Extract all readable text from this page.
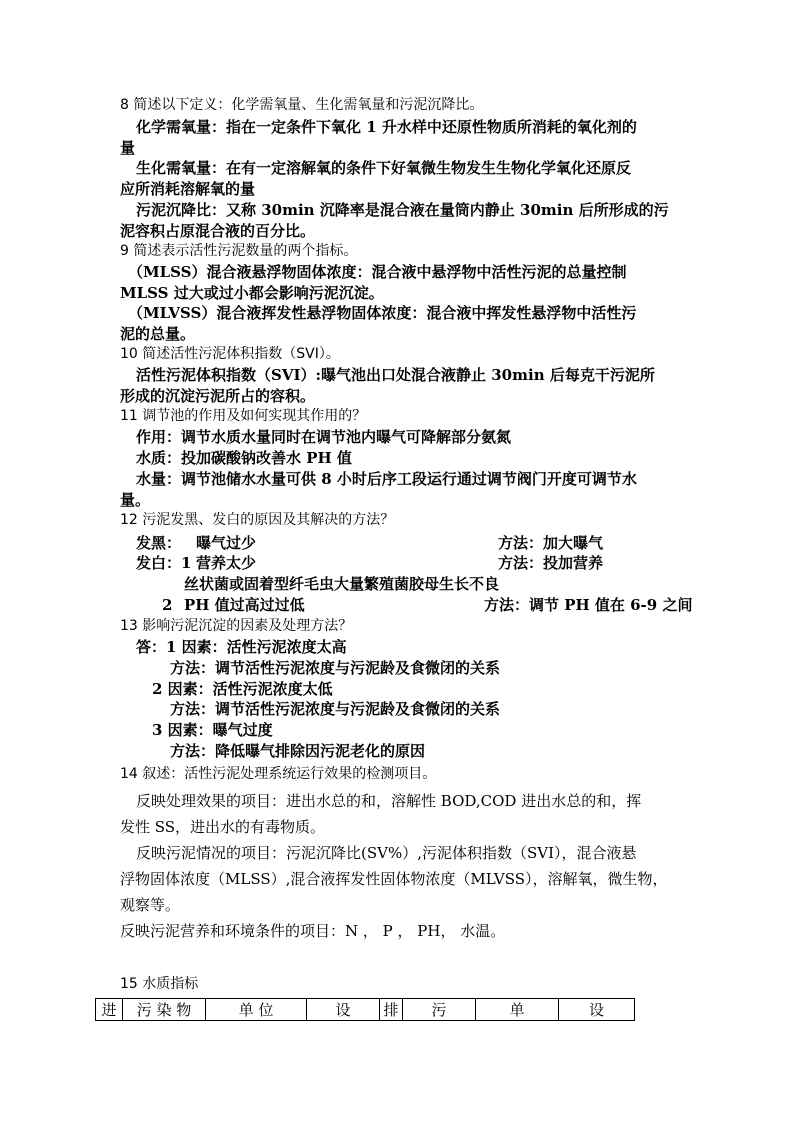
8 简述以下定义：化学需氧量、生化需氧量和污泥沉降比。
化学需氧量：指在一定条件下氧化 1 升水样中还原性物质所消耗的氧化剂的
量
生化需氧量：在有一定溶解氧的条件下好氧微生物发生生物化学氧化还原反
应所消耗溶解氧的量
污泥沉降比：又称 30min 沉降率是混合液在量筒内静止 30min 后所形成的污
泥容积占原混合液的百分比。
9 简述表示活性污泥数量的两个指标。
（MLSS）混合液悬浮物固体浓度：混合液中悬浮物中活性污泥的总量控制
MLSS 过大或过小都会影响污泥沉淀。
（MLVSS）混合液挥发性悬浮物固体浓度：混合液中挥发性悬浮物中活性污
泥的总量。
10 简述活性污泥体积指数（SVI）。
活性污泥体积指数（SVI）:曝气池出口处混合液静止 30min 后每克干污泥所
形成的沉淀污泥所占的容积。
11 调节池的作用及如何实现其作用的？
作用：调节水质水量同时在调节池内曝气可降解部分氨氮
水质：投加碳酸钠改善水 PH 值
水量：调节池储水水量可供 8 小时后序工段运行通过调节阀门开度可调节水
量。
12 污泥发黑、发白的原因及其解决的方法？
发黑： 曝气过少	方法：加大曝气
发白：1 营养太少	方法：投加营养
丝状菌或固着型纤毛虫大量繁殖菌胶母生长不良
2 PH 值过高过过低	方法：调节 PH 值在 6-9 之间
13 影响污泥沉淀的因素及处理方法？
答：1 因素：活性污泥浓度太高
方法：调节活性污泥浓度与污泥龄及食微闭的关系
2 因素：活性污泥浓度太低
方法：调节活性污泥浓度与污泥龄及食微闭的关系
3 因素：曝气过度
方法：降低曝气排除因污泥老化的原因
14 叙述：活性污泥处理系统运行效果的检测项目。
反映处理效果的项目：进出水总的和，溶解性 BOD,COD 进出水总的和，挥
发性 SS，进出水的有毒物质。
反映污泥情况的项目：污泥沉降比(SV%）,污泥体积指数（SVI），混合液悬
浮物固体浓度（MLSS）,混合液挥发性固体物浓度（MLVSS），溶解氧，微生物，
观察等。
反映污泥营养和环境条件的项目：N ， P ， PH， 水温。
15 水质指标
进	污 染 物	单 位	设	排	污	单	设
